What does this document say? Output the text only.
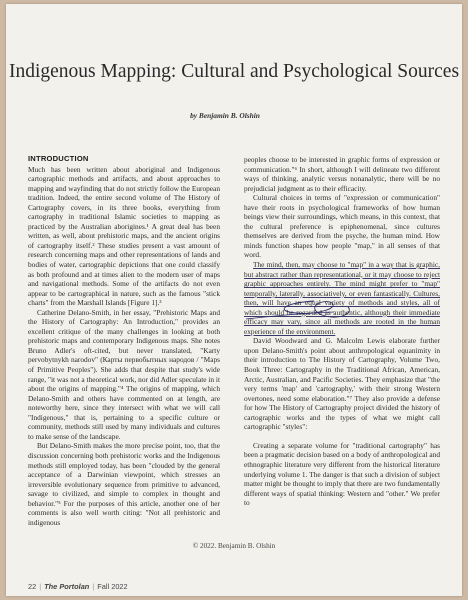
Indigenous Mapping: Cultural and Psychological Sources
by Benjamin B. Olshin
INTRODUCTION

Much has been written about aboriginal and Indigenous cartographic methods and artifacts, and about approaches to mapping and wayfinding that do not strictly follow the European tradition. Indeed, the entire second volume of The History of Cartography covers, in its three books, everything from cartography in traditional Islamic societies to mapping as practiced by the Australian aborigines.¹ A great deal has been written, as well, about prehistoric maps, and the ancient origins of cartography itself.² These studies present a vast amount of research concerning maps and other representations of lands and bodies of water, cartographic depictions that one could classify as both profound and at times alien to the modern user of maps and navigational methods. Some of the artifacts do not even appear to be cartographical in nature, such as the famous "stick charts" from the Marshall Islands [Figure 1].³

Catherine Delano-Smith, in her essay, "Prehistoric Maps and the History of Cartography: An Introduction," provides an excellent critique of the many challenges in looking at both prehistoric maps and contemporary Indigenous maps. She notes Bruno Adler's oft-cited, but never translated, "Karty pervobytnykh narodov" (Карты первобытных народов / "Maps of Primitive Peoples"). She adds that despite that study's wide range, "it was not a theoretical work, nor did Adler speculate in it about the origins of mapping."⁴ The origins of mapping, which Delano-Smith and others have commented on at length, are noteworthy here, since they intersect with what we will call "Indigenous," that is, pertaining to a specific culture or community, methods still used by many individuals and cultures to make sense of the landscape.

But Delano-Smith makes the more precise point, too, that the discussion concerning both prehistoric works and the Indigenous methods still employed today, has been "clouded by the general acceptance of a Darwinian viewpoint, which stresses an irreversible evolutionary sequence from primitive to advanced, savage to civilized, and simple to complex in thought and behavior."⁵ For the purposes of this article, another one of her comments is also well worth citing: "Not all prehistoric and indigenous

peoples choose to be interested in graphic forms of expression or communication."⁶ In short, although I will delineate two different ways of thinking, analytic versus nonanalytic, there will be no prejudicial judgment as to their efficacity.

Cultural choices in terms of "expression or communication" have their roots in psychological frameworks of how human beings view their surroundings, which means, in this context, that the cultural preference is epiphenomenal, since cultures themselves are derived from the psyche, the human mind. How minds function shapes how people "map," in all senses of that word.

The mind, then, may choose to "map" in a way that is graphic, but abstract rather than representational, or it may choose to reject graphic approaches entirely. The mind might prefer to "map" temporally, laterally, associatively, or even fantastically. Cultures, then, will have an equal variety of methods and styles, all of which should be regarded as authentic, although their immediate efficacy may vary, since all methods are rooted in the human experience of the environment.

David Woodward and G. Malcolm Lewis elaborate further upon Delano-Smith's point about anthropological equanimity in their introduction to The History of Cartography, Volume Two, Book Three: Cartography in the Traditional African, American, Arctic, Australian, and Pacific Societies. They emphasize that "the very terms 'map' and 'cartography,' with their strong Western overtones, need some elaboration."⁷ They also provide a defense for how The History of Cartography project divided the history of cartographic works and the types of what we might call cartographic "styles":

Creating a separate volume for "traditional cartography" has been a pragmatic decision based on a body of anthropological and ethnographic literature very different from the historical literature underlying volume 1. The danger is that such a division of subject matter might be thought to imply that there are two fundamentally different ways of spatial thinking: Western and "other." We prefer to

© 2022. Benjamin B. Olshin
22 | The Portolan | Fall 2022
